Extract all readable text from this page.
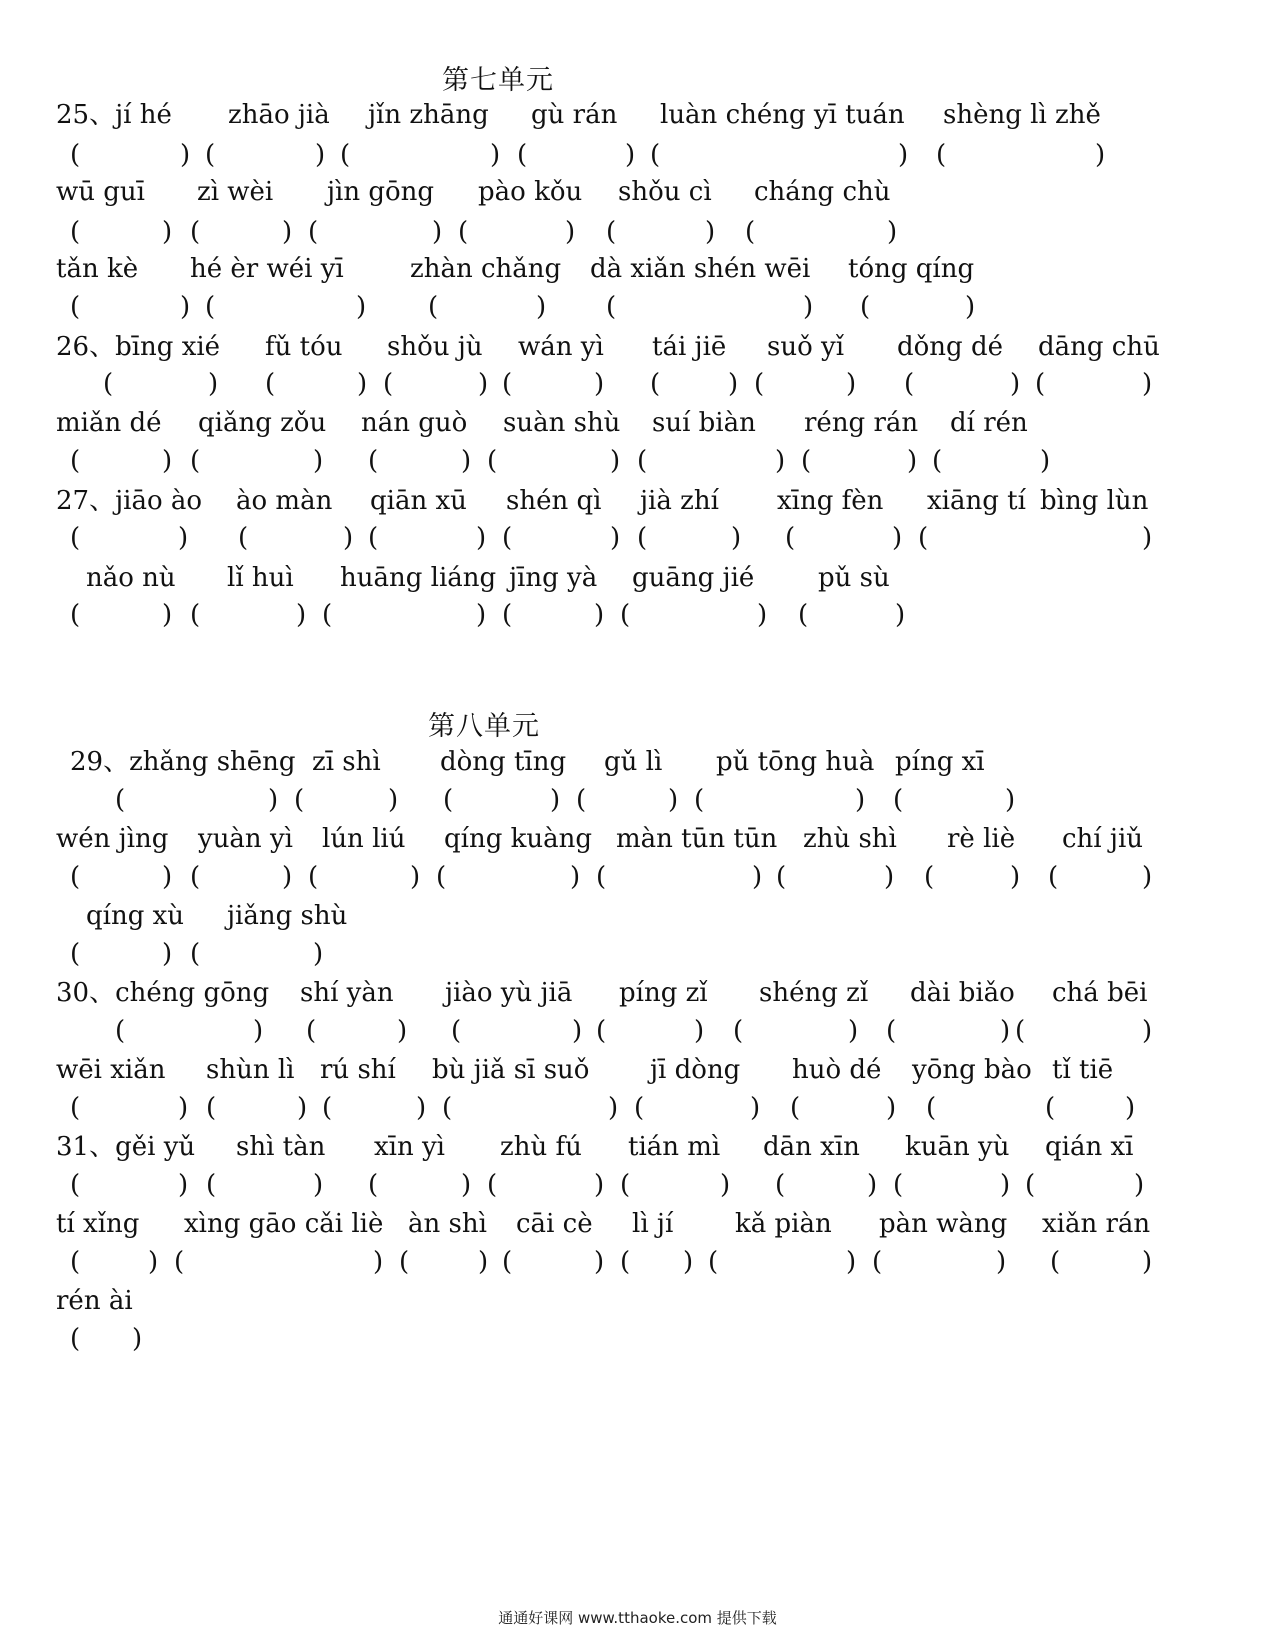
第七单元
25、jí hé zhāo jià jǐn zhāng gù rán luàn chéng yī tuán shèng lì zhě
(	) (	) (	) (	) (	) (	)
wū guī zì wèi jìn gōng pào kǒu shǒu cì cháng chù
(	) (	) (	) (	) (	) (	)
tǎn kè hé èr wéi yī	zhàn chǎng dà xiǎn shén wēi tóng qíng
(	) (	) (	) (	) (	)
26、bīng xié fǔ tóu shǒu jù wán yì tái jiē suǒ yǐ dǒng dé dāng chū
(	) (	) (	) (	) (	) (	) (	) (	)
miǎn dé qiǎng zǒu nán guò suàn shù suí biàn réng rán dí rén
(	) (	) (	) (	) (	) (	) (	)
27、jiāo ào ào màn qiān xū shén qì jià zhí xīng fèn xiāng tí bìng lùn
(	) (	) (	) (	) (	) (	) (	)
nǎo nù lǐ huì huāng liáng jīng yà guāng jié pǔ sù
(	) (	) (	) (	) (	) (	)
第八单元
29、zhǎng shēng zī shì dòng tīng gǔ lì pǔ tōng huà píng xī
(	) (	) (	) (	) (	) (	)
wén jìng yuàn yì lún liú qíng kuàng màn tūn tūn zhù shì rè liè chí jiǔ
(	) (	) (	) (	) (	) (	) (	) (	)
qíng xù jiǎng shù
(	) (	)
30、chéng gōng shí yàn jiào yù jiā píng zǐ shéng zǐ dài biǎo chá bēi
(	) (	) (	) (	) (	) (	) (	)
wēi xiǎn shùn lì rú shí bù jiǎ sī suǒ jī dòng huò dé yōng bào tǐ tiē
(	) (	) (	) (	) (	) (	) (	(	)
31、gěi yǔ shì tàn xīn yì zhù fú tián mì dān xīn kuān yù qián xī
(	) (	) (	) (	) (	) (	) (	) (	)
tí xǐng xìng gāo cǎi liè àn shì cāi cè lì jí kǎ piàn pàn wàng xiǎn rán
(	) (	) (	) (	) ( ) (	) (	) (	)
rén ài
( )
通通好课网 www.tthaoke.com 提供下载
